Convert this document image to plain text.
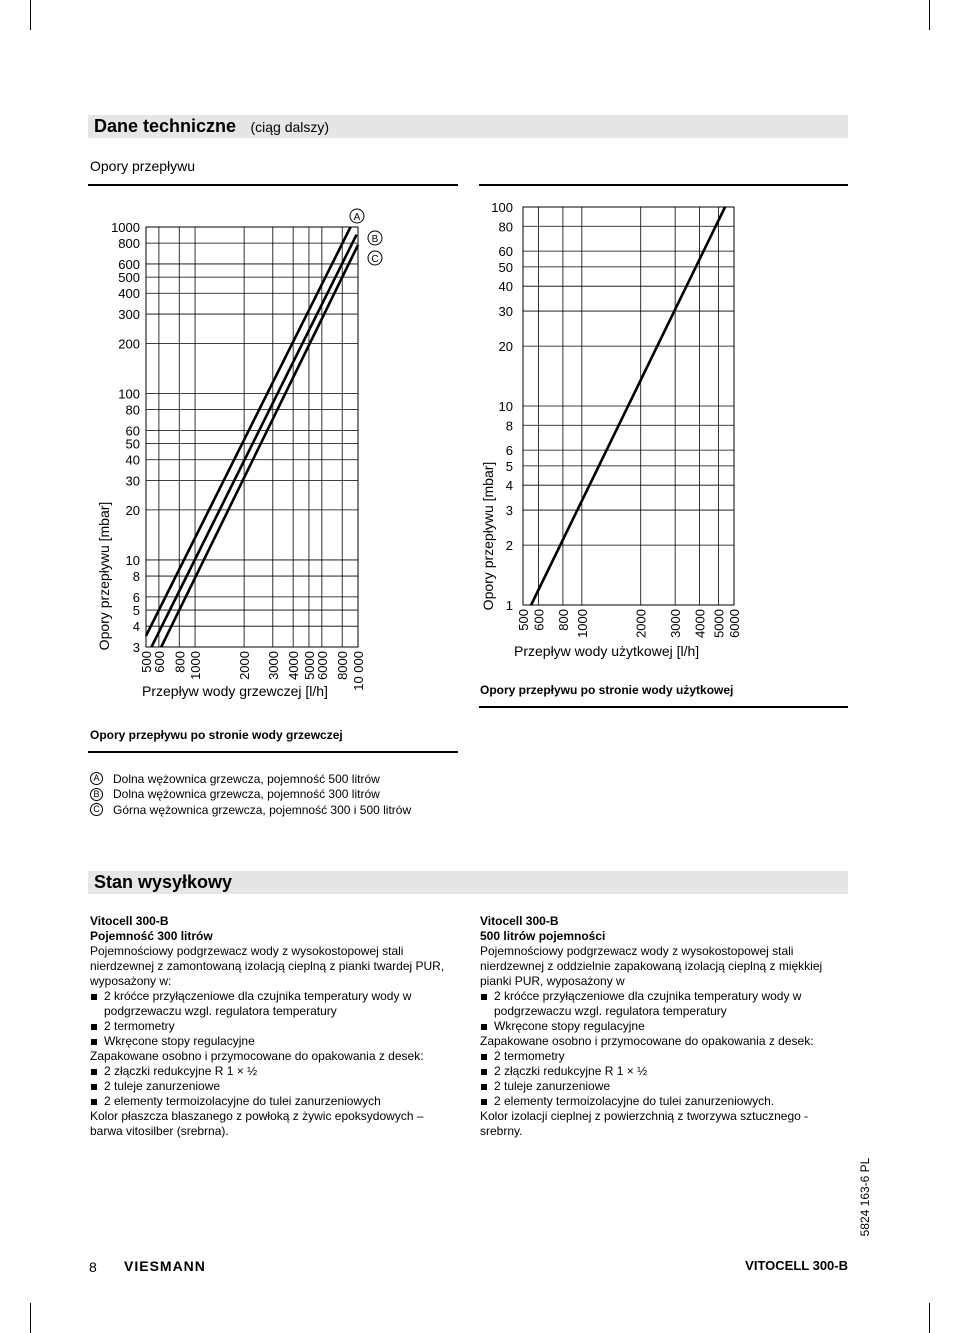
Dane techniczne (ciąg dalszy)
Opory przepływu
A
B
C
3
4
5
6
8
10
20
30
40
50
60
80
100
200
300
400
500
600
800
1000
500
600 800 1000	2000 3000 4000 5000
6000 8000 10 000
Opory przepływu [mbar]
Przepływ wody grzewczej [l/h]
1
2
3
4
5
6
8
10
20
30
40
50
60
80
100
500 600 800 1000	2000 3000 4000 5000 6000
Opory przepływu [mbar]
Przepływ wody użytkowej [l/h]
Opory przepływu po stronie wody użytkowej
Opory przepływu po stronie wody grzewczej
A Dolna wężownica grzewcza, pojemność 500 litrów
B Dolna wężownica grzewcza, pojemność 300 litrów
C Górna wężownica grzewcza, pojemność 300 i 500 litrów
Stan wysyłkowy

Vitocell 300-B

Pojemność 300 litrów

Pojemnościowy podgrzewacz wody z wysokostopowej stali nierdzewnej z zamontowaną izolacją cieplną z pianki twardej PUR, wyposażony w:

2 króćce przyłączeniowe dla czujnika temperatury wody w podgrzewaczu wzgl. regulatora temperatury
2 termometry
Wkręcone stopy regulacyjne

Zapakowane osobno i przymocowane do opakowania z desek:

2 złączki redukcyjne R 1 × ½
2 tuleje zanurzeniowe
2 elementy termoizolacyjne do tulei zanurzeniowych

Kolor płaszcza blaszanego z powłoką z żywic epoksydowych – barwa vitosilber (srebrna).

Vitocell 300-B

500 litrów pojemności

Pojemnościowy podgrzewacz wody z wysokostopowej stali nierdzewnej z oddzielnie zapakowaną izolacją cieplną z miękkiej pianki PUR, wyposażony w

2 króćce przyłączeniowe dla czujnika temperatury wody w podgrzewaczu wzgl. regulatora temperatury
Wkręcone stopy regulacyjne

Zapakowane osobno i przymocowane do opakowania z desek:

2 termometry
2 złączki redukcyjne R 1 × ½
2 tuleje zanurzeniowe
2 elementy termoizolacyjne do tulei zanurzeniowych.

Kolor izolacji cieplnej z powierzchnią z tworzywa sztucznego - srebrny.

5824 163-6 PL
8 VIESMANN	VITOCELL 300-B
